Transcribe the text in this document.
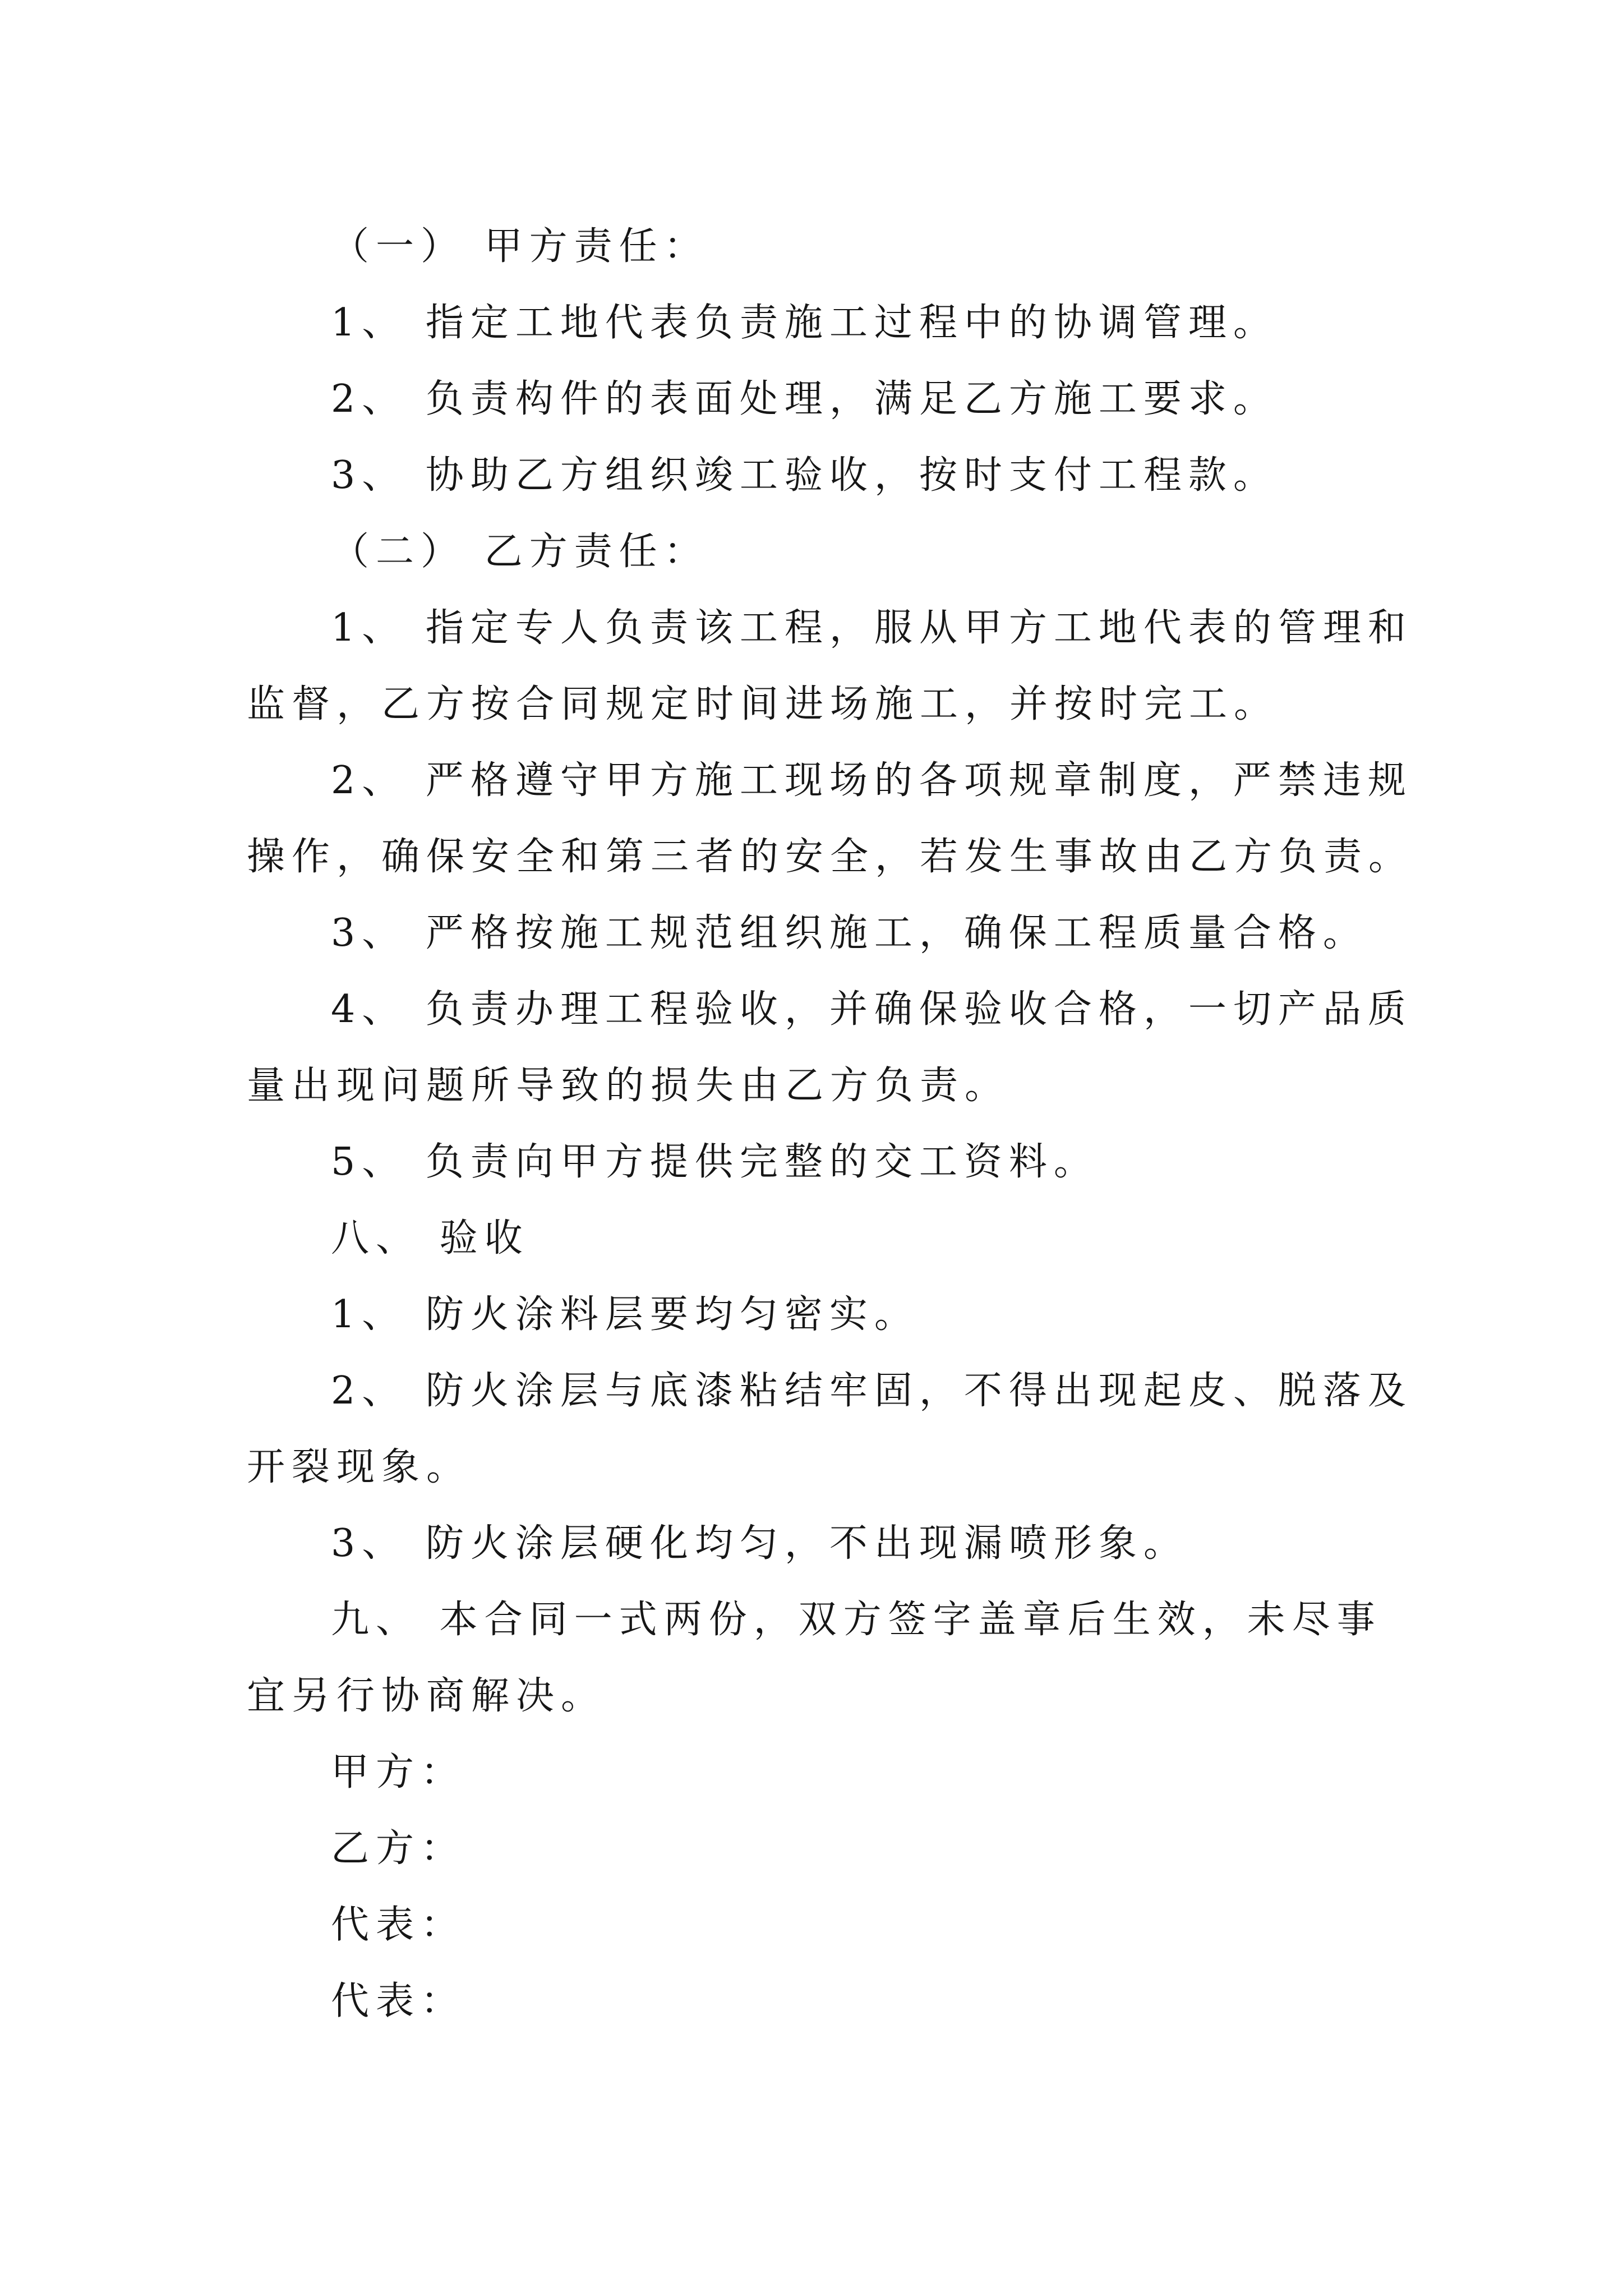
（一） 甲方责任：

1、 指定工地代表负责施工过程中的协调管理。

2、 负责构件的表面处理，满足乙方施工要求。

3、 协助乙方组织竣工验收，按时支付工程款。

（二） 乙方责任：

1、 指定专人负责该工程，服从甲方工地代表的管理和

监督，乙方按合同规定时间进场施工，并按时完工。

2、 严格遵守甲方施工现场的各项规章制度，严禁违规

操作，确保安全和第三者的安全，若发生事故由乙方负责。

3、 严格按施工规范组织施工，确保工程质量合格。

4、 负责办理工程验收，并确保验收合格，一切产品质

量出现问题所导致的损失由乙方负责。

5、 负责向甲方提供完整的交工资料。

八、 验收

1、 防火涂料层要均匀密实。

2、 防火涂层与底漆粘结牢固，不得出现起皮、脱落及

开裂现象。

3、 防火涂层硬化均匀，不出现漏喷形象。

九、 本合同一式两份，双方签字盖章后生效，未尽事

宜另行协商解决。

甲方：

乙方：

代表：

代表：
